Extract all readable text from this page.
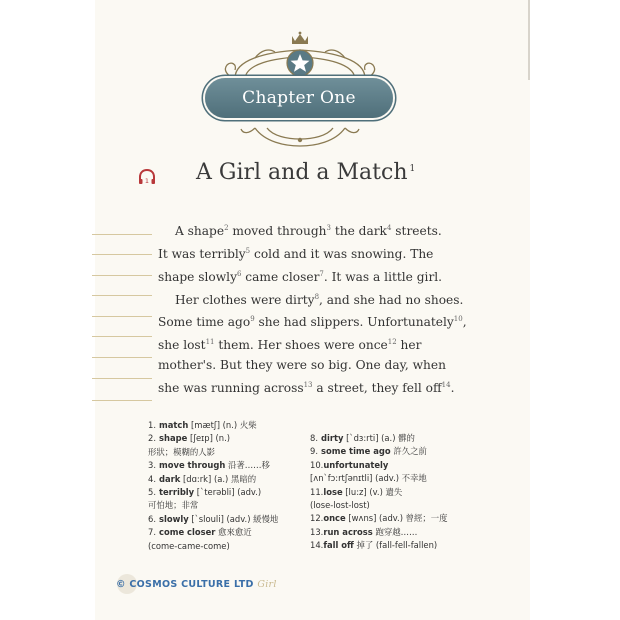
Chapter One
1 A Girl and a Match $^1$
A shape$^2$ moved through$^3$ the dark$^4$ streets.
It was terribly$^5$ cold and it was snowing. The
shape slowly$^6$ came closer$^7$. It was a little girl.
Her clothes were dirty$^8$, and she had no shoes.
Some time ago$^9$ she had slippers. Unfortunately$^{10}$,
she lost$^{11}$ them. Her shoes were once$^{12}$ her
mother's. But they were so big. One day, when
she was running across$^{13}$ a street, they fell off$^{14}$.
1. match [mætʃ] (n.) 火柴
2. shape [ʃeɪp] (n.)
形狀；模糊的人影
3. move through 沿著……移
4. dark [dɑ:rk] (a.) 黑暗的
5. terribly [ˋterəbli] (adv.)
可怕地；非常
6. slowly [ˋslouli] (adv.) 緩慢地
7. come closer 愈來愈近
(come-came-come)
8. dirty [ˋdɜ:rti] (a.) 髒的
9. some time ago 許久之前
10. unfortunately
[ʌnˋfɔ:rtʃənɪtli] (adv.) 不幸地
11. lose [lu:z] (v.) 遺失
(lose-lost-lost)
12. once [wʌns] (adv.) 曾經；一度
13. run across 跑穿越……
14. fall off 掉了 (fall-fell-fallen)
© COSMOS CULTURE LTD Girl
